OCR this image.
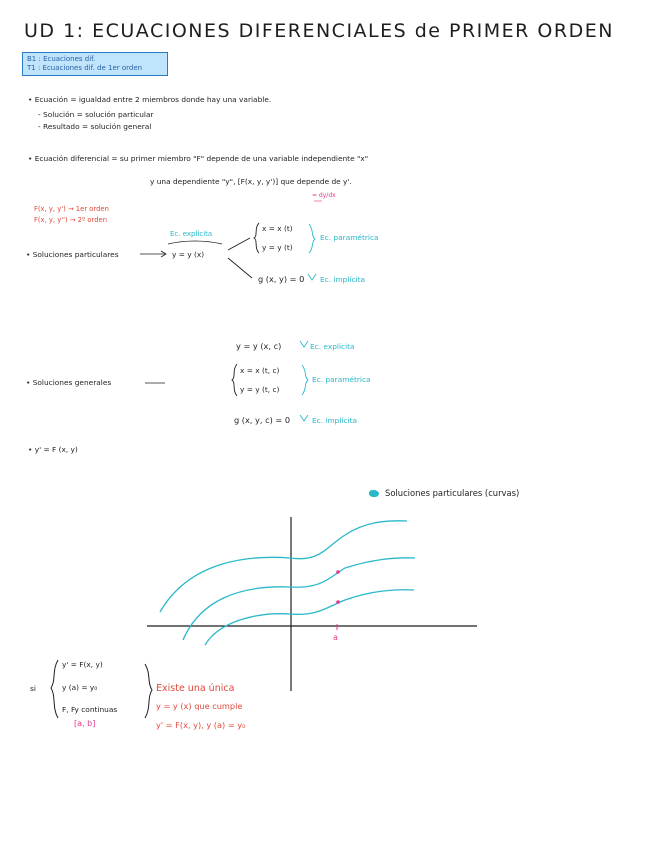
UD 1: ECUACIONES DIFERENCIALES de PRIMER ORDEN
B1 : Ecuaciones dif.
T1 : Ecuaciones dif. de 1er orden
• Ecuación = igualdad entre 2 miembros donde hay una variable.
- Solución = solución particular
- Resultado = solución general
• Ecuación diferencial = su primer miembro "F" depende de una variable independiente "x"
y una dependiente "y", [F(x, y, y')] que depende de y'.
= dy/dx
F(x, y, y') → 1er orden
F(x, y, y'') → 2º orden
• Soluciones particulares
Ec. explícita
y = y (x)
x = x (t)
y = y (t)
Ec. paramétrica
g (x, y) = 0 Ec. implícita
y = y (x, c)	Ec. explícita
• Soluciones generales
x = x (t, c)
y = y (t, c)
Ec. paramétrica
g (x, y, c) = 0	Ec. implícita
• y' = F (x, y)
Soluciones particulares (curvas)
a
si
y' = F(x, y)
y (a) = y₀
F, Fy continuas
[a, b]
Existe una única
y = y (x) que cumple
y' = F(x, y), y (a) = y₀
